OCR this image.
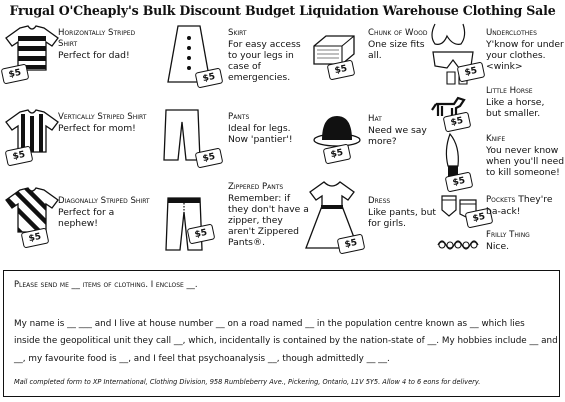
Frugal O'Cheaply's Bulk Discount Budget Liquidation Warehouse Clothing Sale
$5
Horizontally Striped Shirt
Perfect for dad!
$5
Skirt
For easy access to your legs in case of emergencies.
$5
Chunk of Wood
One size fits all.
$5
Underclothes
Y'know for under your clothes. <wink>
$5
Vertically Striped Shirt
Perfect for mom!
$5
Pants
Ideal for legs. Now 'pantier'!
$5
Hat
Need we say more?
$5
Little Horse
Like a horse, but smaller.
$5
Knife
You never know when you'll need to kill someone!
$5
Diagonally Striped Shirt
Perfect for a nephew!
$5
Zippered Pants
Remember: if they don't have a zipper, they aren't Zippered Pants®.	$5
Dress
Like pants, but for girls.	$5
Pockets They're ba-ack!
Frilly Thing
Nice.
Please send me __ items of clothing. I enclose __.
My name is __ ___ and I live at house number __ on a road named __ in the population centre known as __ which lies
inside the geopolitical unit they call __, which, incidentally is contained by the nation-state of __. My hobbies include __ and
__, my favourite food is __, and I feel that psychoanalysis __, though admittedly __ __.
Mail completed form to XP International, Clothing Division, 958 Rumbleberry Ave., Pickering, Ontario, L1V 5Y5. Allow 4 to 6 eons for delivery.
